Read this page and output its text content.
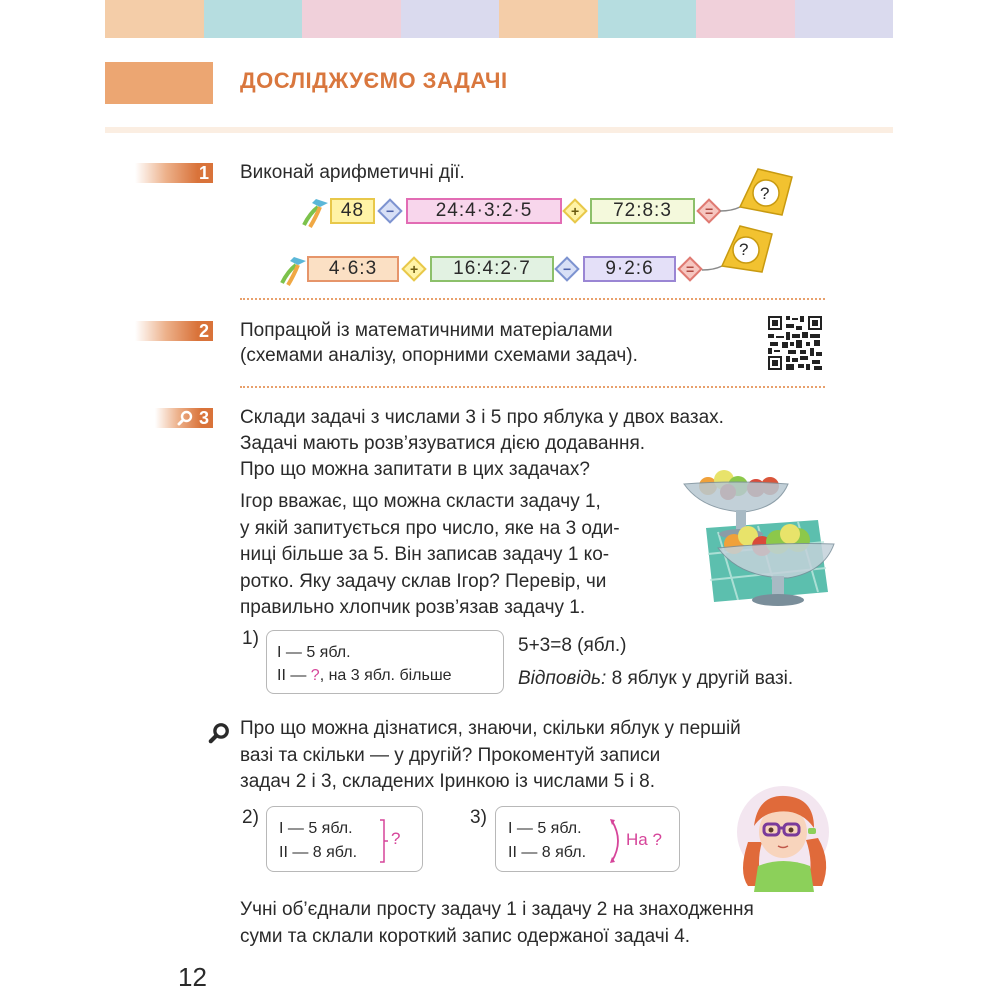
ДОСЛІДЖУЄМО ЗАДАЧІ
1 Виконай арифметичні дії.
48	−	24:4·3:2·5	+	72:8:3	=
?
4·6:3	+	16:4:2·7	−	9·2:6	=
?
2 Попрацюй із математичними матеріалами
(схемами аналізу, опорними схемами задач).
3 Склади задачі з числами 3 і 5 про яблука у двох вазах.
Задачі мають розв’язуватися дією додавання.
Про що можна запитати в цих задачах?
Ігор вважає, що можна скласти задачу 1,
у якій запитується про число, яке на 3 оди-
ниці більше за 5. Він записав задачу 1 ко-
ротко. Яку задачу склав Ігор? Перевір, чи
правильно хлопчик розв’язав задачу 1.
1)
І — 5 ябл.
ІІ — ?, на 3 ябл. більше
5+3=8 (ябл.)
Відповідь: 8 яблук у другій вазі.
Про що можна дізнатися, знаючи, скільки яблук у першій
вазі та скільки — у другій? Прокоментуй записи
задач 2 і 3, складених Іринкою із числами 5 і 8.
2)
І — 5 ябл.
ІІ — 8 ябл.
?
3)
І — 5 ябл.
ІІ — 8 ябл.
На ?
Учні об’єднали просту задачу 1 і задачу 2 на знаходження
суми та склали короткий запис одержаної задачі 4.
12
